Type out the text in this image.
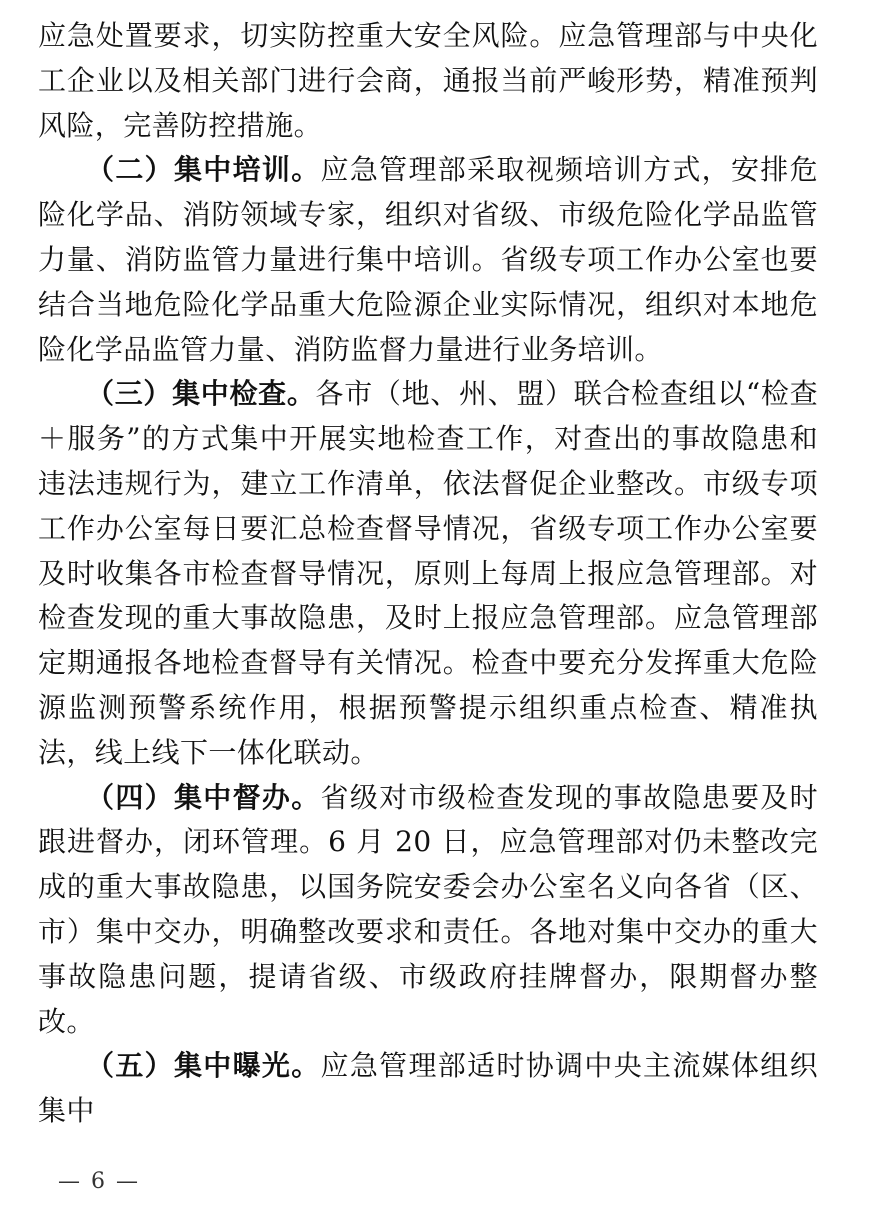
应急处置要求，切实防控重大安全风险。应急管理部与中央化工企业以及相关部门进行会商，通报当前严峻形势，精准预判风险，完善防控措施。

（二）集中培训。应急管理部采取视频培训方式，安排危险化学品、消防领域专家，组织对省级、市级危险化学品监管力量、消防监管力量进行集中培训。省级专项工作办公室也要结合当地危险化学品重大危险源企业实际情况，组织对本地危险化学品监管力量、消防监督力量进行业务培训。

（三）集中检查。各市（地、州、盟）联合检查组以“检查＋服务”的方式集中开展实地检查工作，对查出的事故隐患和违法违规行为，建立工作清单，依法督促企业整改。市级专项工作办公室每日要汇总检查督导情况，省级专项工作办公室要及时收集各市检查督导情况，原则上每周上报应急管理部。对检查发现的重大事故隐患，及时上报应急管理部。应急管理部定期通报各地检查督导有关情况。检查中要充分发挥重大危险源监测预警系统作用，根据预警提示组织重点检查、精准执法，线上线下一体化联动。

（四）集中督办。省级对市级检查发现的事故隐患要及时跟进督办，闭环管理。6 月 20 日，应急管理部对仍未整改完成的重大事故隐患，以国务院安委会办公室名义向各省（区、市）集中交办，明确整改要求和责任。各地对集中交办的重大事故隐患问题，提请省级、市级政府挂牌督办，限期督办整改。

（五）集中曝光。应急管理部适时协调中央主流媒体组织集中

— 6 —
